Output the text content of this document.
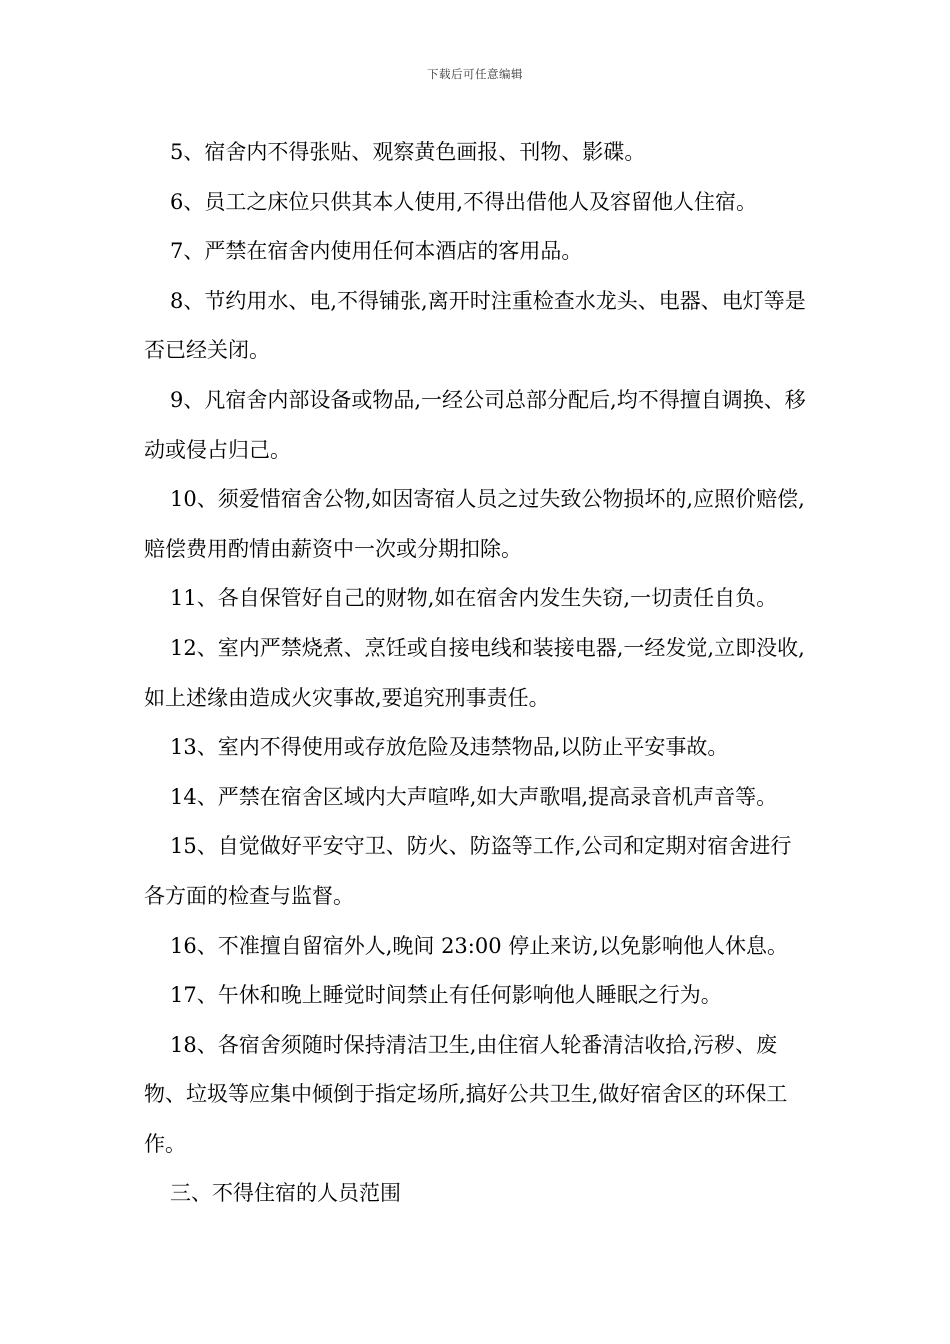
下载后可任意编辑

5、宿舍内不得张贴、观察黄色画报、刊物、影碟。

6、员工之床位只供其本人使用,不得出借他人及容留他人住宿。

7、严禁在宿舍内使用任何本酒店的客用品。

8、节约用水、电,不得铺张,离开时注重检查水龙头、电器、电灯等是否已经关闭。

9、凡宿舍内部设备或物品,一经公司总部分配后,均不得擅自调换、移动或侵占归己。

10、须爱惜宿舍公物,如因寄宿人员之过失致公物损坏的,应照价赔偿,赔偿费用酌情由薪资中一次或分期扣除。

11、各自保管好自己的财物,如在宿舍内发生失窃,一切责任自负。

12、室内严禁烧煮、烹饪或自接电线和装接电器,一经发觉,立即没收,如上述缘由造成火灾事故,要追究刑事责任。

13、室内不得使用或存放危险及违禁物品,以防止平安事故。

14、严禁在宿舍区域内大声喧哗,如大声歌唱,提高录音机声音等。

15、自觉做好平安守卫、防火、防盗等工作,公司和定期对宿舍进行各方面的检查与监督。

16、不准擅自留宿外人,晚间 23:00 停止来访,以免影响他人休息。

17、午休和晚上睡觉时间禁止有任何影响他人睡眠之行为。

18、各宿舍须随时保持清洁卫生,由住宿人轮番清洁收拾,污秽、废物、垃圾等应集中倾倒于指定场所,搞好公共卫生,做好宿舍区的环保工作。

三、不得住宿的人员范围
